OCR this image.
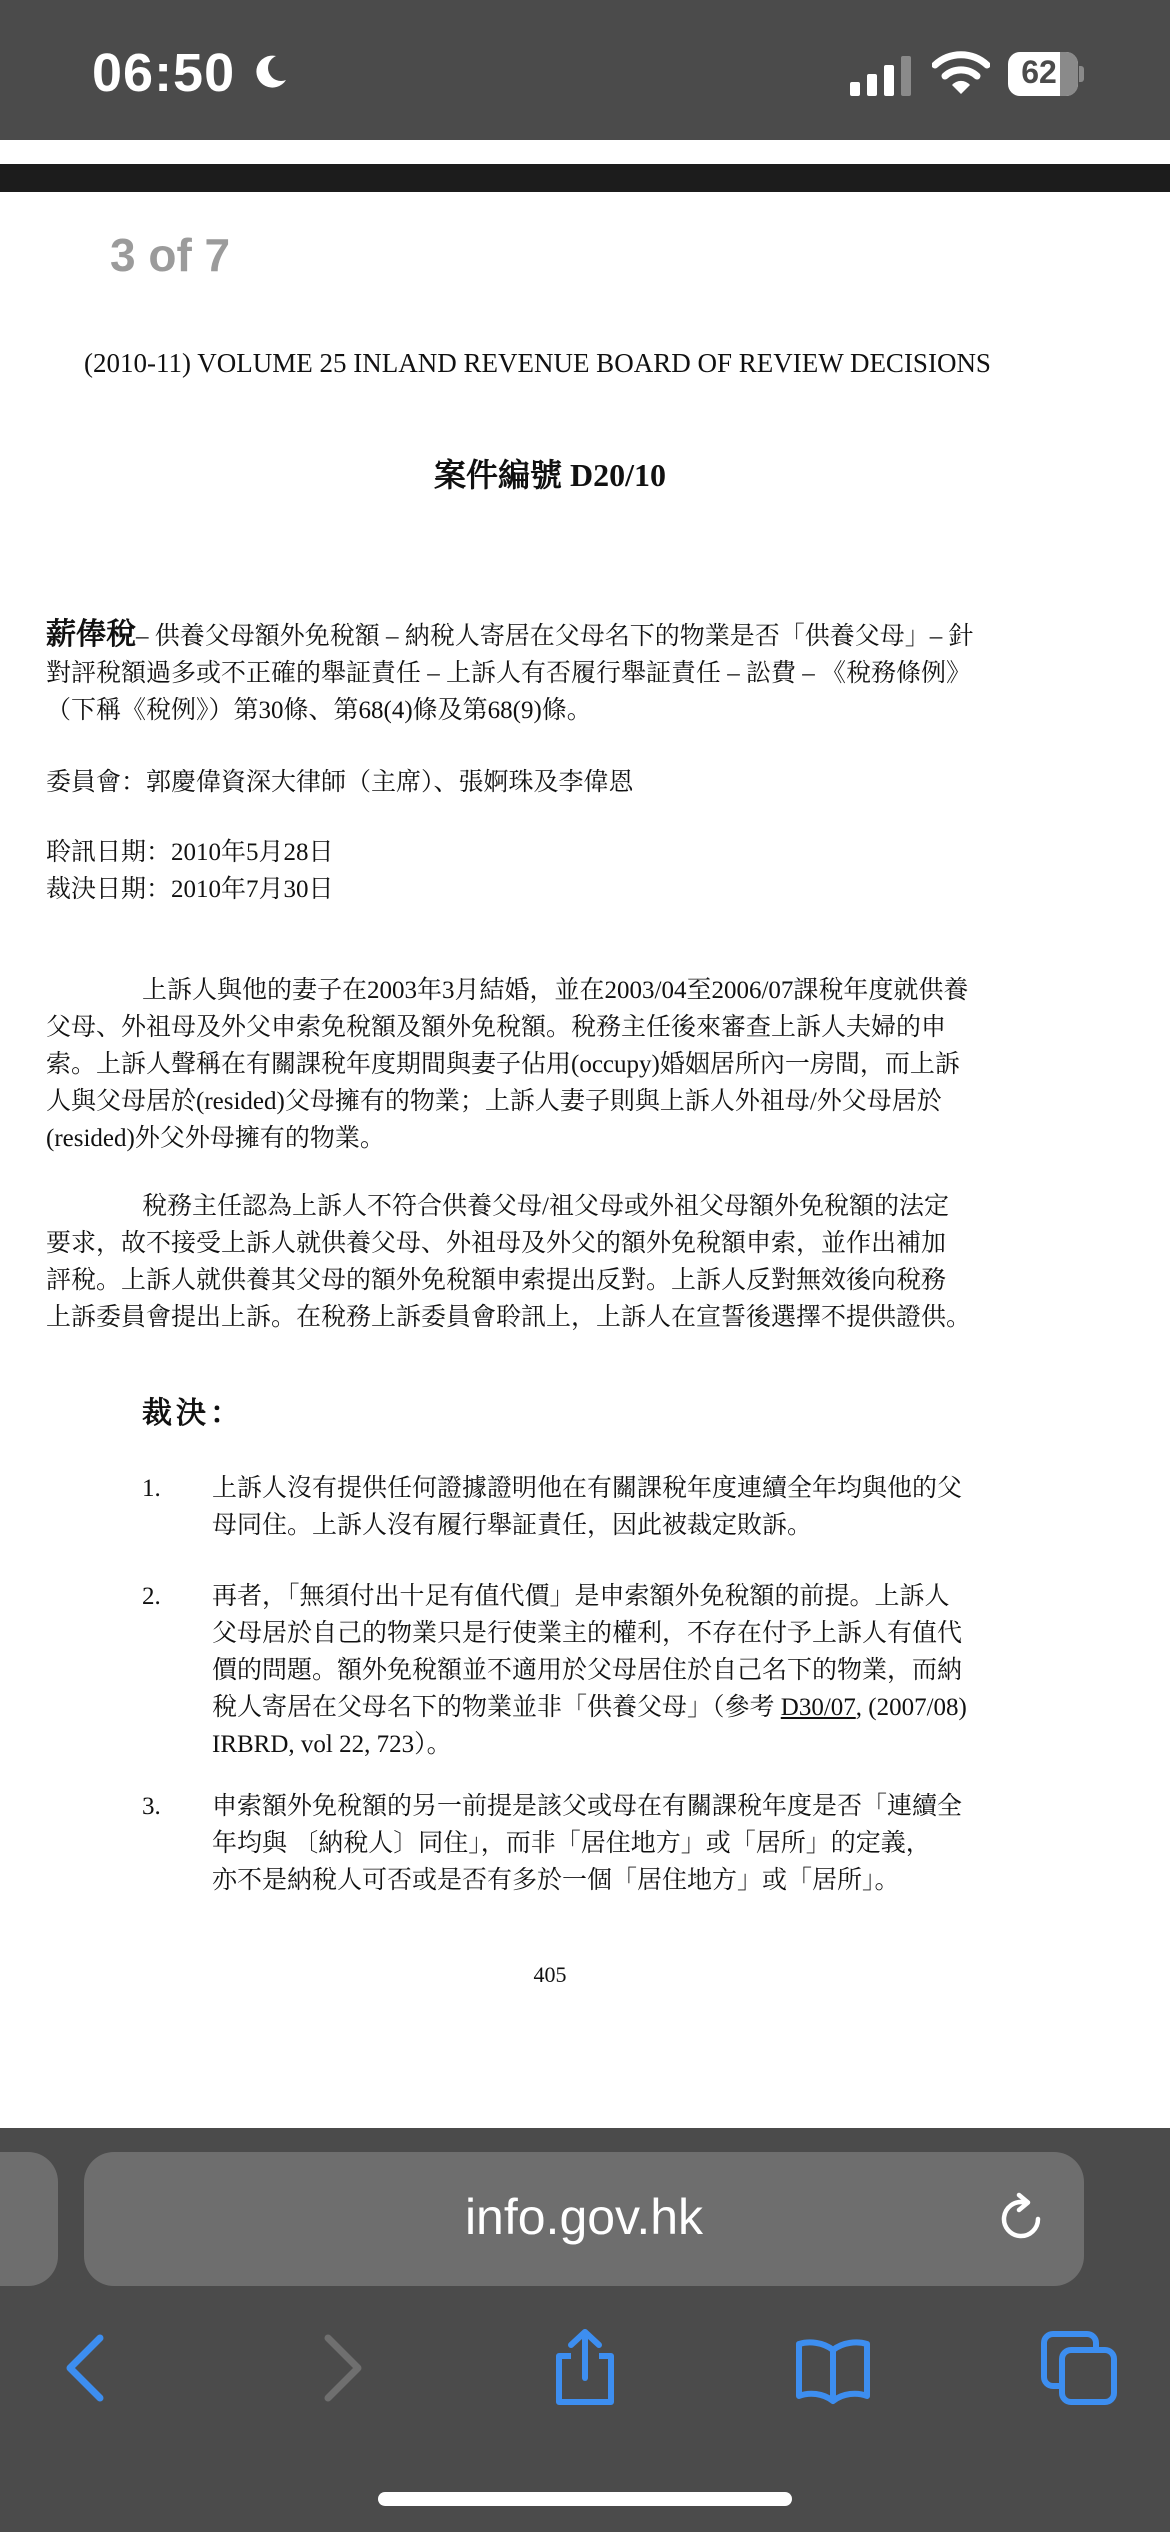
06:50	62
3 of 7
(2010-11) VOLUME 25 INLAND REVENUE BOARD OF REVIEW DECISIONS
案件編號 D20/10
薪俸稅– 供養父母額外免稅額 – 納稅人寄居在父母名下的物業是否「供養父母」– 針
對評稅額過多或不正確的舉証責任 – 上訴人有否履行舉証責任 – 訟費 – 《稅務條例》
（下稱《稅例》）第30條、第68(4)條及第68(9)條。
委員會：郭慶偉資深大律師（主席）、張婀珠及李偉恩
聆訊日期：2010年5月28日
裁決日期：2010年7月30日
上訴人與他的妻子在2003年3月結婚，並在2003/04至2006/07課稅年度就供養
父母、外祖母及外父申索免稅額及額外免稅額。稅務主任後來審查上訴人夫婦的申
索。上訴人聲稱在有關課稅年度期間與妻子佔用(occupy)婚姻居所內一房間，而上訴
人與父母居於(resided)父母擁有的物業；上訴人妻子則與上訴人外祖母/外父母居於
(resided)外父外母擁有的物業。
稅務主任認為上訴人不符合供養父母/祖父母或外祖父母額外免稅額的法定
要求，故不接受上訴人就供養父母、外祖母及外父的額外免稅額申索，並作出補加
評稅。上訴人就供養其父母的額外免稅額申索提出反對。上訴人反對無效後向稅務
上訴委員會提出上訴。在稅務上訴委員會聆訊上，上訴人在宣誓後選擇不提供證供。
裁決：
1. 上訴人沒有提供任何證據證明他在有關課稅年度連續全年均與他的父
母同住。上訴人沒有履行舉証責任，因此被裁定敗訴。
2. 再者，「無須付出十足有值代價」是申索額外免稅額的前提。上訴人
父母居於自己的物業只是行使業主的權利，不存在付予上訴人有值代
價的問題。額外免稅額並不適用於父母居住於自己名下的物業，而納
稅人寄居在父母名下的物業並非「供養父母」（參考 D30/07, (2007/08)
IRBRD, vol 22, 723）。
3. 申索額外免稅額的另一前提是該父或母在有關課稅年度是否「連續全
年均與 〔納稅人〕同住」，而非「居住地方」或「居所」的定義，
亦不是納稅人可否或是否有多於一個「居住地方」或「居所」。
405
info.gov.hk
